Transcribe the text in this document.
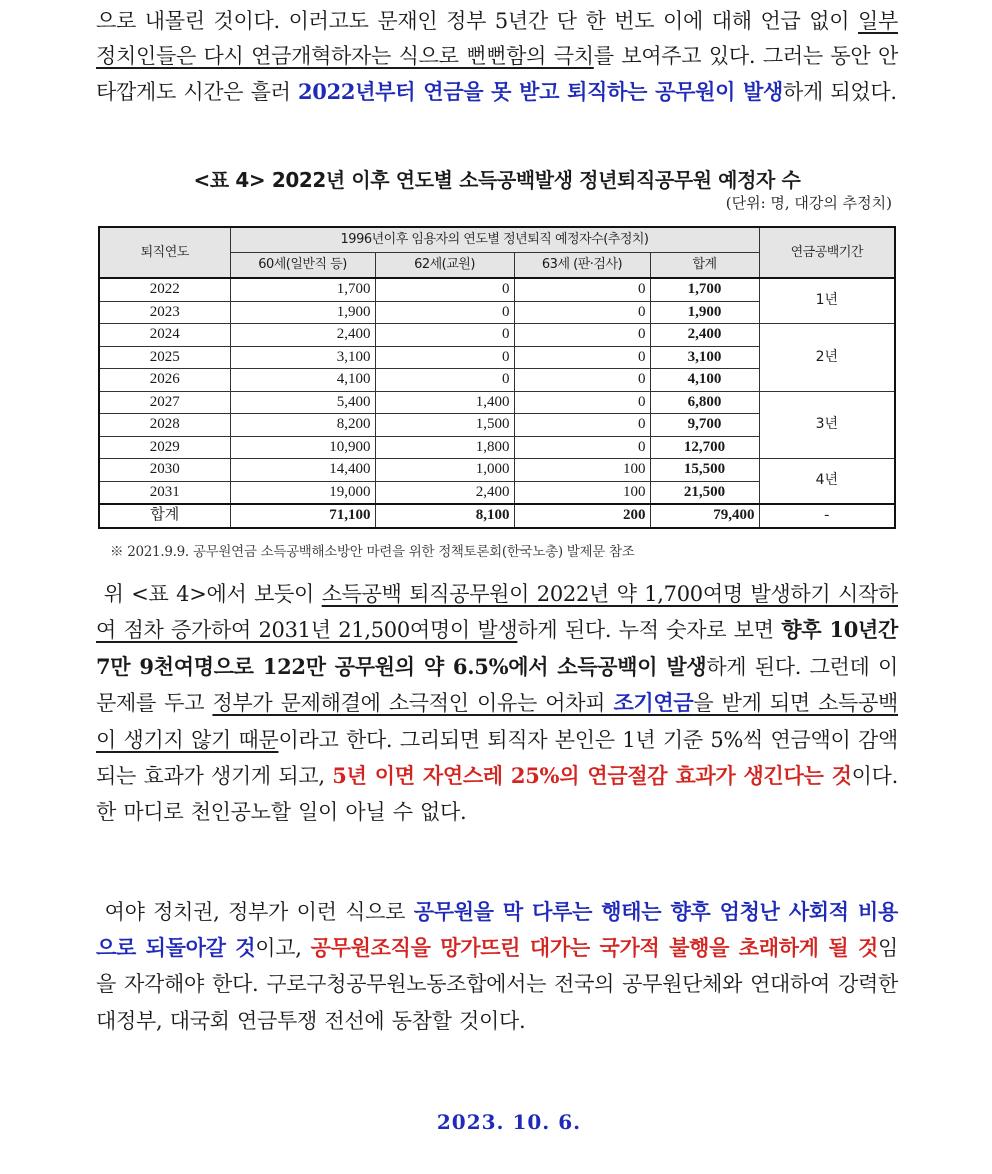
으로 내몰린 것이다. 이러고도 문재인 정부 5년간 단 한 번도 이에 대해 언급 없이 일부 정치인들은 다시 연금개혁하자는 식으로 뻔뻔함의 극치를 보여주고 있다. 그러는 동안 안타깝게도 시간은 흘러 2022년부터 연금을 못 받고 퇴직하는 공무원이 발생하게 되었다.
<표 4> 2022년 이후 연도별 소득공백발생 정년퇴직공무원 예정자 수
(단위: 명, 대강의 추정치)
퇴직연도	1996년이후 임용자의 연도별 정년퇴직 예정자수(추정치)				연금공백기간
	60세(일반직 등)	62세(교원)	63세 (판·검사)	합계	
2022	1,700	0	0	1,700	1년
2023	1,900	0	0	1,900	
2024	2,400	0	0	2,400	2년
2025	3,100	0	0	3,100	
2026	4,100	0	0	4,100	
2027	5,400	1,400	0	6,800	3년
2028	8,200	1,500	0	9,700	
2029	10,900	1,800	0	12,700	
2030	14,400	1,000	100	15,500	4년
2031	19,000	2,400	100	21,500	
합계	71,100	8,100	200	79,400	-
※ 2021.9.9. 공무원연금 소득공백해소방안 마련을 위한 정책토론회(한국노총) 발제문 참조
위 <표 4>에서 보듯이 소득공백 퇴직공무원이 2022년 약 1,700여명 발생하기 시작하여 점차 증가하여 2031년 21,500여명이 발생하게 된다. 누적 숫자로 보면 향후 10년간 7만 9천여명으로 122만 공무원의 약 6.5%에서 소득공백이 발생하게 된다. 그런데 이 문제를 두고 정부가 문제해결에 소극적인 이유는 어차피 조기연금을 받게 되면 소득공백이 생기지 않기 때문이라고 한다. 그리되면 퇴직자 본인은 1년 기준 5%씩 연금액이 감액되는 효과가 생기게 되고, 5년 이면 자연스레 25%의 연금절감 효과가 생긴다는 것이다. 한 마디로 천인공노할 일이 아닐 수 없다.
여야 정치권, 정부가 이런 식으로 공무원을 막 다루는 행태는 향후 엄청난 사회적 비용으로 되돌아갈 것이고, 공무원조직을 망가뜨린 대가는 국가적 불행을 초래하게 될 것임을 자각해야 한다. 구로구청공무원노동조합에서는 전국의 공무원단체와 연대하여 강력한 대정부, 대국회 연금투쟁 전선에 동참할 것이다.
2023. 10. 6.
